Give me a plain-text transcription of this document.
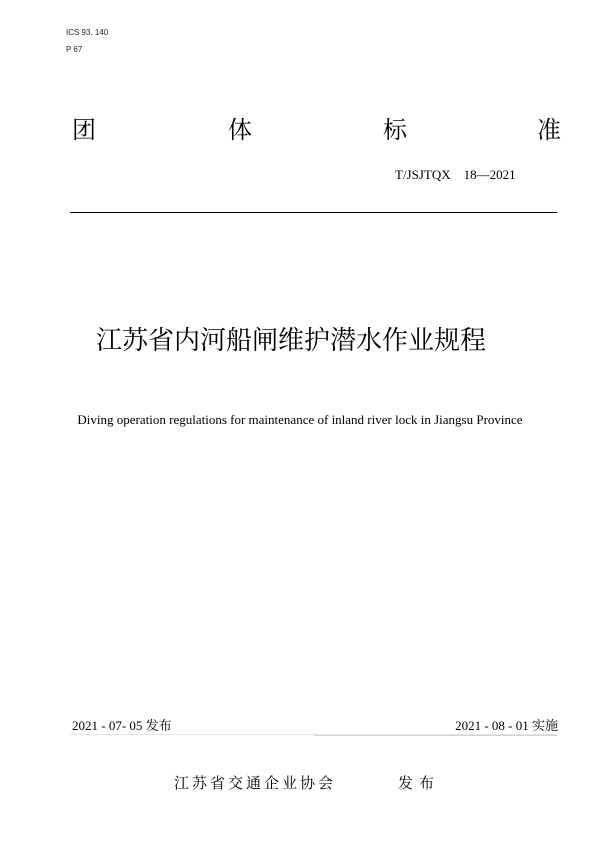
ICS 93. 140
P 67
团	体	标	准
T/JSJTQX　18—2021
江苏省内河船闸维护潜水作业规程
Diving operation regulations for maintenance of inland river lock in Jiangsu Province
2021 - 07- 05 发布	2021 - 08 - 01 实施
江苏省交通企业协会	发布
